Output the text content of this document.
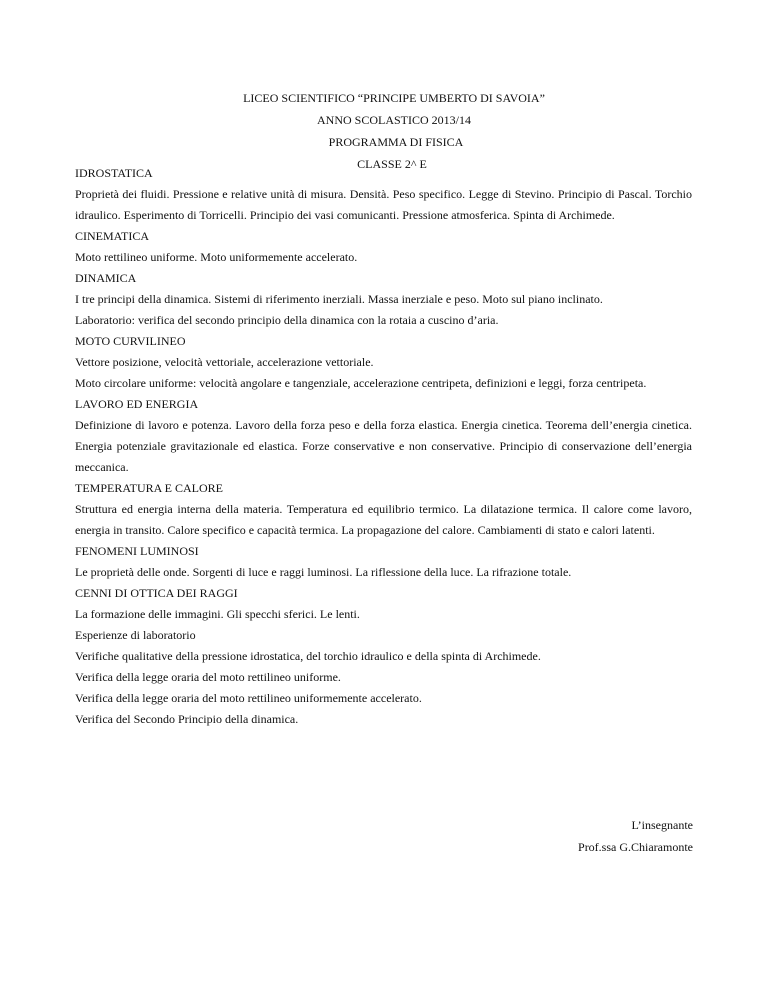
LICEO SCIENTIFICO “PRINCIPE UMBERTO DI SAVOIA”
ANNO SCOLASTICO 2013/14
PROGRAMMA DI FISICA
CLASSE 2^ E
IDROSTATICA
Proprietà dei fluidi. Pressione e relative unità di misura. Densità. Peso specifico. Legge di Stevino. Principio di Pascal. Torchio idraulico. Esperimento di Torricelli. Principio dei vasi comunicanti. Pressione atmosferica. Spinta di Archimede.
CINEMATICA
Moto rettilineo uniforme. Moto uniformemente accelerato.
DINAMICA
I tre principi della dinamica. Sistemi di riferimento inerziali. Massa inerziale e peso. Moto sul piano inclinato.
Laboratorio: verifica del secondo principio della dinamica con la rotaia a cuscino d’aria.
MOTO CURVILINEO
Vettore posizione, velocità vettoriale, accelerazione vettoriale.
Moto circolare uniforme: velocità angolare e tangenziale, accelerazione centripeta, definizioni e leggi, forza centripeta.
LAVORO ED ENERGIA
Definizione di lavoro e potenza. Lavoro della forza peso e della forza elastica. Energia cinetica. Teorema dell’energia cinetica. Energia potenziale gravitazionale ed elastica. Forze conservative e non conservative. Principio di conservazione dell’energia meccanica.
TEMPERATURA E CALORE
Struttura ed energia interna della materia. Temperatura ed equilibrio termico. La dilatazione termica. Il calore come lavoro, energia in transito. Calore specifico e capacità termica. La propagazione del calore. Cambiamenti di stato e calori latenti.
FENOMENI LUMINOSI
Le proprietà delle onde. Sorgenti di luce e raggi luminosi. La riflessione della luce. La rifrazione totale.
CENNI DI OTTICA DEI RAGGI
La formazione delle immagini. Gli specchi sferici. Le lenti.
Esperienze di laboratorio
Verifiche qualitative della pressione idrostatica, del torchio idraulico e della spinta di Archimede.
Verifica della legge oraria del moto rettilineo uniforme.
Verifica della legge oraria del moto rettilineo uniformemente accelerato.
Verifica del Secondo Principio della dinamica.
L’insegnante
Prof.ssa G.Chiaramonte
